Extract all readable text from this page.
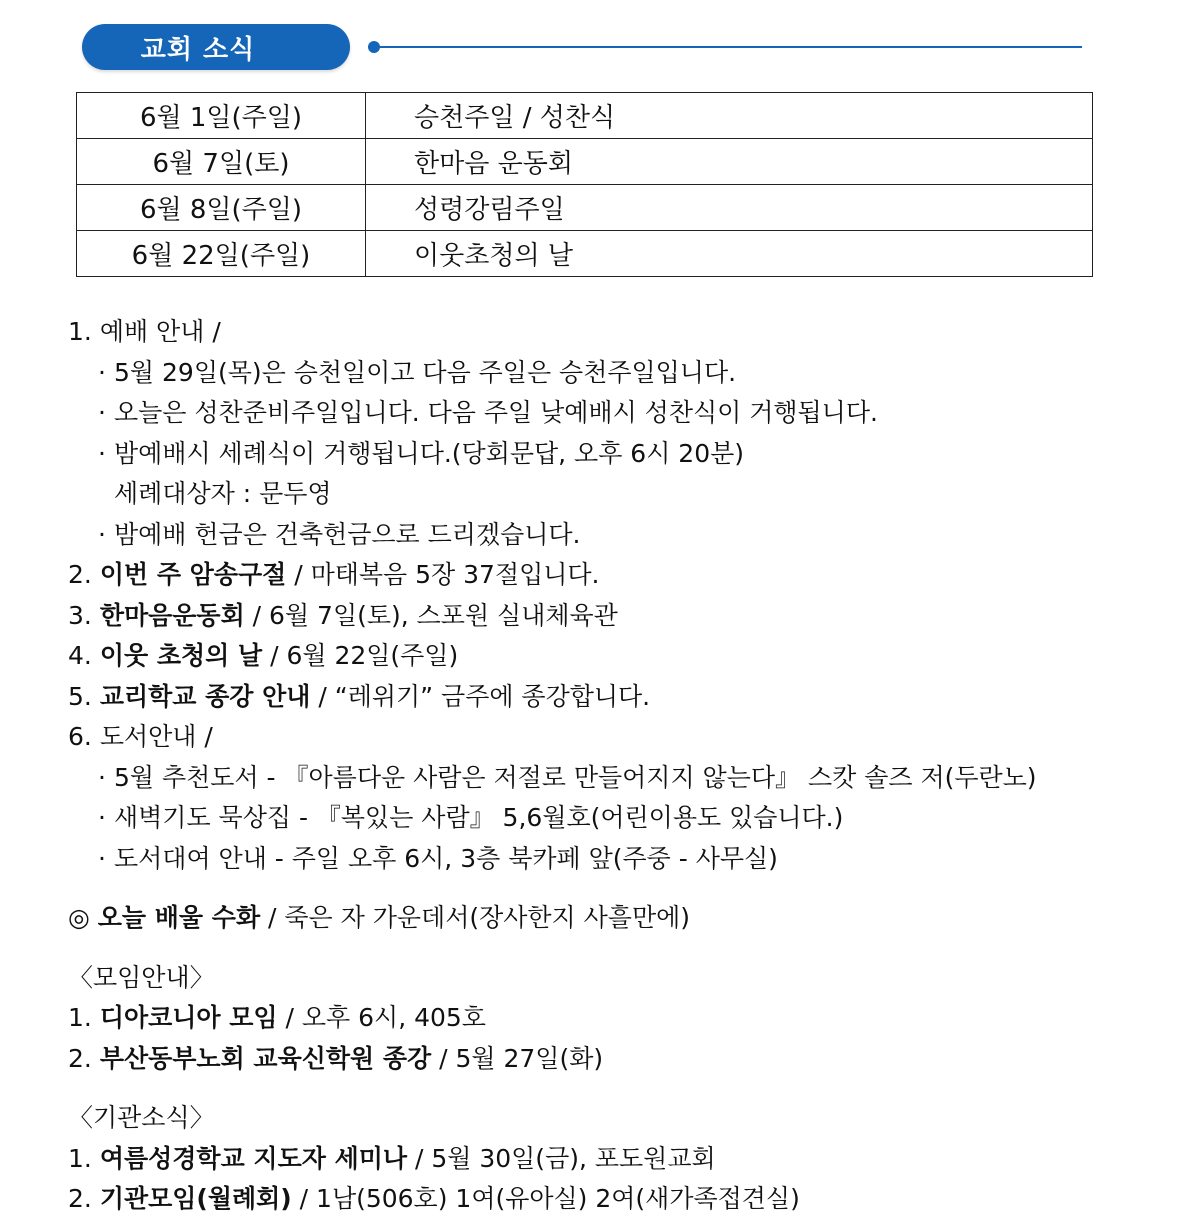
교회 소식
6월 1일(주일)	승천주일 / 성찬식
6월 7일(토)	한마음 운동회
6월 8일(주일)	성령강림주일
6월 22일(주일)	이웃초청의 날
1. 예배 안내 /
· 5월 29일(목)은 승천일이고 다음 주일은 승천주일입니다.
· 오늘은 성찬준비주일입니다. 다음 주일 낮예배시 성찬식이 거행됩니다.
· 밤예배시 세례식이 거행됩니다.(당회문답, 오후 6시 20분)
세례대상자 : 문두영
· 밤예배 헌금은 건축헌금으로 드리겠습니다.
2. 이번 주 암송구절 / 마태복음 5장 37절입니다.
3. 한마음운동회 / 6월 7일(토), 스포원 실내체육관
4. 이웃 초청의 날 / 6월 22일(주일)
5. 교리학교 종강 안내 / “레위기” 금주에 종강합니다.
6. 도서안내 /
· 5월 추천도서 - 『아름다운 사람은 저절로 만들어지지 않는다』 스캇 솔즈 저(두란노)
· 새벽기도 묵상집 - 『복있는 사람』 5,6월호(어린이용도 있습니다.)
· 도서대여 안내 - 주일 오후 6시, 3층 북카페 앞(주중 - 사무실)
◎ 오늘 배울 수화 / 죽은 자 가운데서(장사한지 사흘만에)
〈모임안내〉
1. 디아코니아 모임 / 오후 6시, 405호
2. 부산동부노회 교육신학원 종강 / 5월 27일(화)
〈기관소식〉
1. 여름성경학교 지도자 세미나 / 5월 30일(금), 포도원교회
2. 기관모임(월례회) / 1남(506호) 1여(유아실) 2여(새가족접견실)
